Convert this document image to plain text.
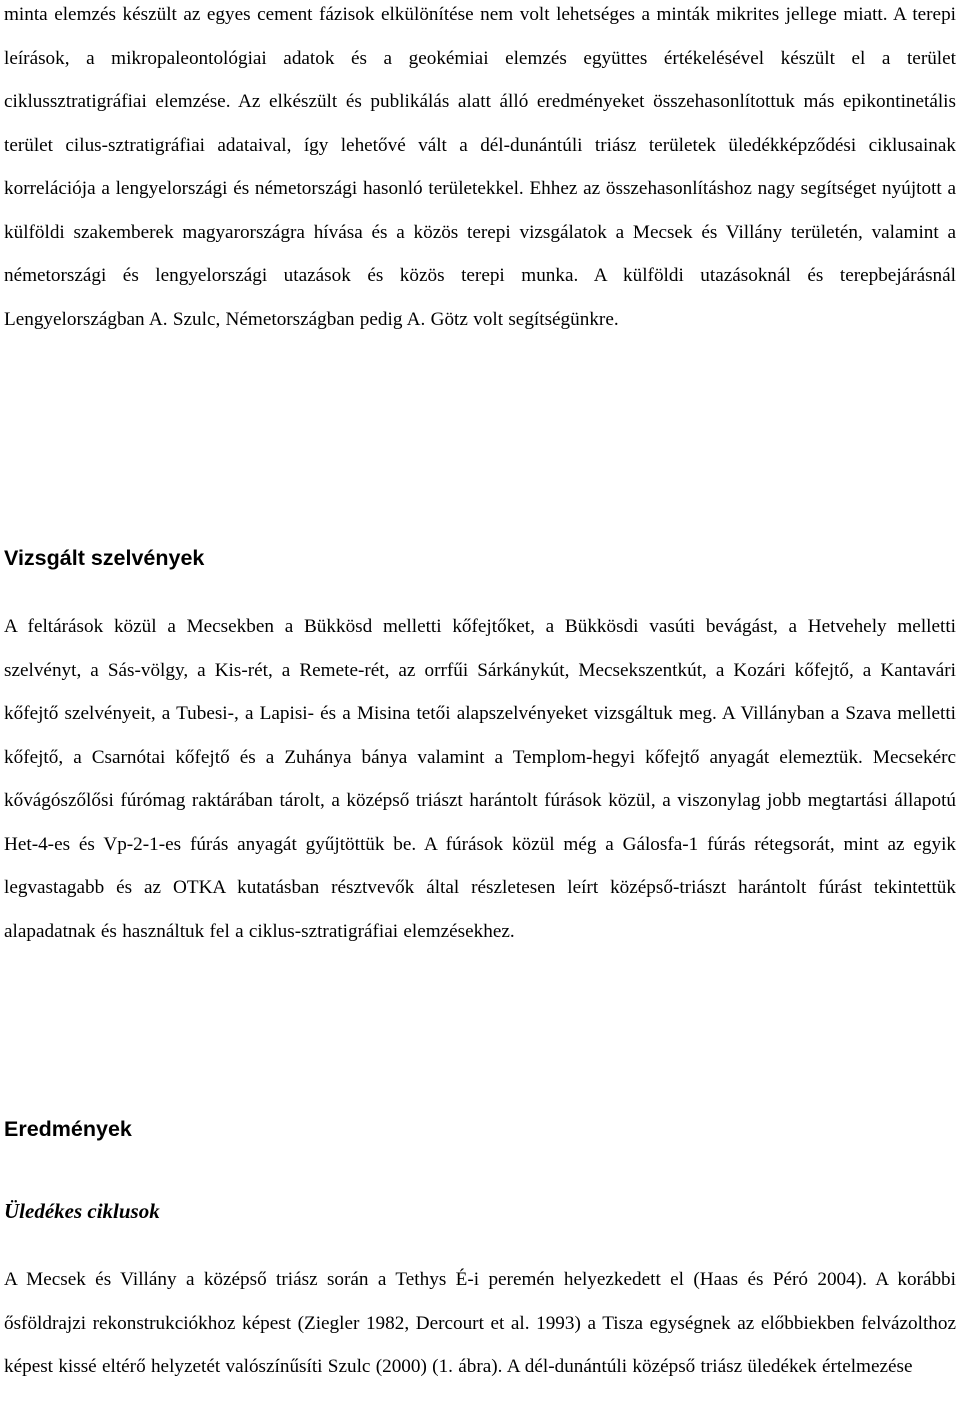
minta elemzés készült az egyes cement fázisok elkülönítése nem volt lehetséges a minták mikrites jellege miatt. A terepi leírások, a mikropaleontológiai adatok és a geokémiai elemzés együttes értékelésével készült el a terület ciklussztratigráfiai elemzése. Az elkészült és publikálás alatt álló eredményeket összehasonlítottuk más epikontinetális terület cilus-sztratigráfiai adataival, így lehetővé vált a dél-dunántúli triász területek üledékképződési ciklusainak korrelációja a lengyelországi és németországi hasonló területekkel. Ehhez az összehasonlításhoz nagy segítséget nyújtott a külföldi szakemberek magyarországra hívása és a közös terepi vizsgálatok a Mecsek és Villány területén, valamint a németországi és lengyelországi utazások és közös terepi munka. A külföldi utazásoknál és terepbejárásnál Lengyelországban A. Szulc, Németországban pedig A. Götz volt segítségünkre.

Vizsgált szelvények

A feltárások közül a Mecsekben a Bükkösd melletti kőfejtőket, a Bükkösdi vasúti bevágást, a Hetvehely melletti szelvényt, a Sás-völgy, a Kis-rét, a Remete-rét, az orrfűi Sárkánykút, Mecsekszentkút, a Kozári kőfejtő, a Kantavári kőfejtő szelvényeit, a Tubesi-, a Lapisi- és a Misina tetői alapszelvényeket vizsgáltuk meg. A Villányban a Szava melletti kőfejtő, a Csarnótai kőfejtő és a Zuhánya bánya valamint a Templom-hegyi kőfejtő anyagát elemeztük. Mecsekérc kővágószőlősi fúrómag raktárában tárolt, a középső triászt harántolt fúrások közül, a viszonylag jobb megtartási állapotú Het-4-es és Vp-2-1-es fúrás anyagát gyűjtöttük be. A fúrások közül még a Gálosfa-1 fúrás rétegsorát, mint az egyik legvastagabb és az OTKA kutatásban résztvevők által részletesen leírt középső-triászt harántolt fúrást tekintettük alapadatnak és használtuk fel a ciklus-sztratigráfiai elemzésekhez.

Eredmények
Üledékes ciklusok

A Mecsek és Villány a középső triász során a Tethys É-i peremén helyezkedett el (Haas és Péró 2004). A korábbi ősföldrajzi rekonstrukciókhoz képest (Ziegler 1982, Dercourt et al. 1993) a Tisza egységnek az előbbiekben felvázolthoz képest kissé eltérő helyzetét valószínűsíti Szulc (2000) (1. ábra). A dél-dunántúli középső triász üledékek értelmezése
